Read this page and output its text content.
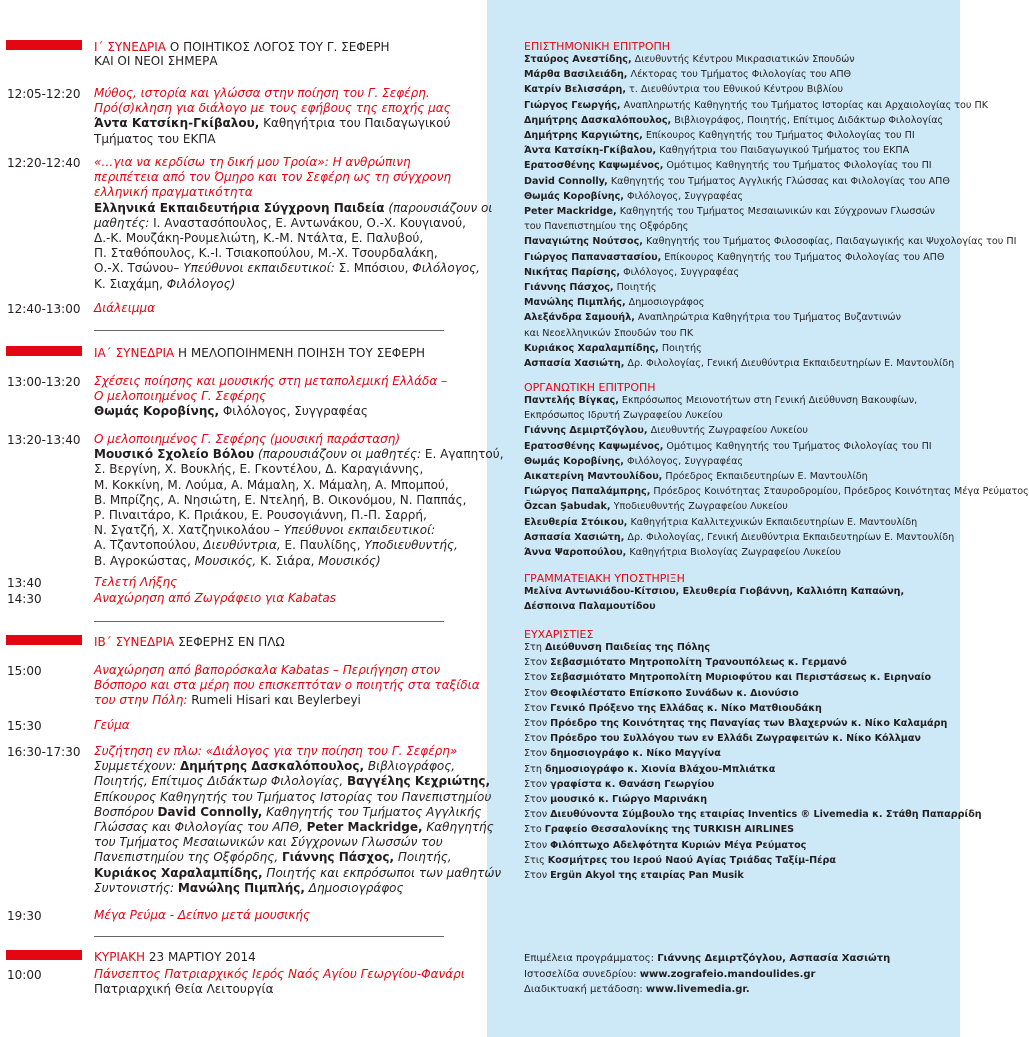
Ι΄ ΣΥΝΕΔΡΙΑ Ο ΠΟΙΗΤΙΚΟΣ ΛΟΓΟΣ ΤΟΥ Γ. ΣΕΦΕΡΗ
ΚΑΙ ΟΙ ΝΕΟΙ ΣΗΜΕΡΑ
ΙΑ΄ ΣΥΝΕΔΡΙΑ Η ΜΕΛΟΠΟΙΗΜΕΝΗ ΠΟΙΗΣΗ ΤΟΥ ΣΕΦΕΡΗ
ΙΒ΄ ΣΥΝΕΔΡΙΑ ΣΕΦΕΡΗΣ ΕΝ ΠΛΩ
ΚΥΡΙΑΚΗ 23 ΜΑΡΤΙΟΥ 2014
12:05-12:20 Μύθος, ιστορία και γλώσσα στην ποίηση του Γ. Σεφέρη.
Πρό(σ)κληση για διάλογο με τους εφήβους της εποχής μας
Άντα Κατσίκη-Γκίβαλου, Καθηγήτρια του Παιδαγωγικού
Τμήματος του ΕΚΠΑ
12:20-12:40 «…για να κερδίσω τη δική μου Τροία»: Η ανθρώπινη
περιπέτεια από τον Όμηρο και τον Σεφέρη ως τη σύγχρονη
ελληνική πραγματικότητα
Ελληνικά Εκπαιδευτήρια Σύγχρονη Παιδεία (παρουσιάζουν οι
μαθητές: Ι. Αναστασόπουλος, Ε. Αντωνάκου, Ο.-Χ. Κουγιανού,
Δ.-Κ. Μουζάκη-Ρουμελιώτη, Κ.-Μ. Ντάλτα, Ε. Παλυβού,
Π. Σταθόπουλος, Κ.-Ι. Τσιακοπούλου, Μ.-Χ. Τσουρδαλάκη,
Ο.-Χ. Τσώνου– Υπεύθυνοι εκπαιδευτικοί: Σ. Μπόσιου, Φιλόλογος,
Κ. Σιαχάμη, Φιλόλογος)
12:40-13:00 Διάλειμμα
13:00-13:20 Σχέσεις ποίησης και μουσικής στη μεταπολεμική Ελλάδα –
Ο μελοποιημένος Γ. Σεφέρης
Θωμάς Κοροβίνης, Φιλόλογος, Συγγραφέας
13:20-13:40 Ο μελοποιημένος Γ. Σεφέρης (μουσική παράσταση)
Μουσικό Σχολείο Βόλου (παρουσιάζουν οι μαθητές: Ε. Αγαπητού,
Σ. Βεργίνη, Χ. Βουκλής, Ε. Γκοντέλου, Δ. Καραγιάννης,
Μ. Κοκκίνη, Μ. Λούμα, Α. Μάμαλη, Χ. Μάμαλη, Α. Μπομπού,
Β. Μπρίζης, Α. Νησιώτη, Ε. Ντεληή, Β. Οικονόμου, Ν. Παππάς,
Ρ. Πιναιτάρο, Κ. Πριάκου, Ε. Ρουσογιάννη, Π.-Π. Σαρρή,
Ν. Σγατζή, Χ. Χατζηνικολάου – Υπεύθυνοι εκπαιδευτικοί:
Α. Τζαντοπούλου, Διευθύντρια, Ε. Παυλίδης, Υποδιευθυντής,
Β. Αγροκώστας, Μουσικός, Κ. Σιάρα, Μουσικός)
13:40	Τελετή Λήξης
14:30	Αναχώρηση από Ζωγράφειο για Kabatas
15:00	Αναχώρηση από βαπορόσκαλα Kabatas – Περιήγηση στον
Βόσπορο και στα μέρη που επισκεπτόταν ο ποιητής στα ταξίδια
του στην Πόλη: Rumeli Hisari και Beylerbeyi
15:30	Γεύμα
16:30-17:30 Συζήτηση εν πλω: «Διάλογος για την ποίηση του Γ. Σεφέρη»
Συμμετέχουν: Δημήτρης Δασκαλόπουλος, Βιβλιογράφος,
Ποιητής, Επίτιμος Διδάκτωρ Φιλολογίας, Βαγγέλης Κεχριώτης,
Επίκουρος Καθηγητής του Τμήματος Ιστορίας του Πανεπιστημίου
Βοσπόρου David Connolly, Καθηγητής του Τμήματος Αγγλικής
Γλώσσας και Φιλολογίας του ΑΠΘ, Peter Mackridge, Καθηγητής
του Τμήματος Μεσαιωνικών και Σύγχρονων Γλωσσών του
Πανεπιστημίου της Οξφόρδης, Γιάννης Πάσχος, Ποιητής,
Κυριάκος Χαραλαμπίδης, Ποιητής και εκπρόσωποι των μαθητών
Συντονιστής: Μανώλης Πιμπλής, Δημοσιογράφος
19:30	Μέγα Ρεύμα - Δείπνο μετά μουσικής
10:00	Πάνσεπτος Πατριαρχικός Ιερός Ναός Αγίου Γεωργίου-Φανάρι
Πατριαρχική Θεία Λειτουργία
ΕΠΙΣΤΗΜΟΝΙΚΗ ΕΠΙΤΡΟΠΗ
Σταύρος Ανεστίδης, Διευθυντής Κέντρου Μικρασιατικών Σπουδών
Μάρθα Βασιλειάδη, Λέκτορας του Τμήματος Φιλολογίας του ΑΠΘ
Κατρίν Βελισσάρη, τ. Διευθύντρια του Εθνικού Κέντρου Βιβλίου
Γιώργος Γεωργής, Αναπληρωτής Καθηγητής του Τμήματος Ιστορίας και Αρχαιολογίας του ΠΚ
Δημήτρης Δασκαλόπουλος, Βιβλιογράφος, Ποιητής, Επίτιμος Διδάκτωρ Φιλολογίας
Δημήτρης Καργιώτης, Επίκουρος Καθηγητής του Τμήματος Φιλολογίας του ΠΙ
Άντα Κατσίκη-Γκίβαλου, Καθηγήτρια του Παιδαγωγικού Τμήματος του ΕΚΠΑ
Ερατοσθένης Καψωμένος, Ομότιμος Καθηγητής του Τμήματος Φιλολογίας του ΠΙ
David Connolly, Καθηγητής του Τμήματος Αγγλικής Γλώσσας και Φιλολογίας του ΑΠΘ
Θωμάς Κοροβίνης, Φιλόλογος, Συγγραφέας
Peter Mackridge, Καθηγητής του Τμήματος Μεσαιωνικών και Σύγχρονων Γλωσσών
του Πανεπιστημίου της Οξφόρδης
Παναγιώτης Νούτσος, Καθηγητής του Τμήματος Φιλοσοφίας, Παιδαγωγικής και Ψυχολογίας του ΠΙ
Γιώργος Παπαναστασίου, Επίκουρος Καθηγητής του Τμήματος Φιλολογίας του ΑΠΘ
Νικήτας Παρίσης, Φιλόλογος, Συγγραφέας
Γιάννης Πάσχος, Ποιητής
Μανώλης Πιμπλής, Δημοσιογράφος
Αλεξάνδρα Σαμουήλ, Αναπληρώτρια Καθηγήτρια του Τμήματος Βυζαντινών
και Νεοελληνικών Σπουδών του ΠΚ
Κυριάκος Χαραλαμπίδης, Ποιητής
Ασπασία Χασιώτη, Δρ. Φιλολογίας, Γενική Διευθύντρια Εκπαιδευτηρίων Ε. Μαντουλίδη
ΟΡΓΑΝΩΤΙΚΗ ΕΠΙΤΡΟΠΗ
Παντελής Βίγκας, Εκπρόσωπος Μειονοτήτων στη Γενική Διεύθυνση Βακουφίων,
Εκπρόσωπος Ιδρυτή Ζωγραφείου Λυκείου
Γιάννης Δεμιρτζόγλου, Διευθυντής Ζωγραφείου Λυκείου
Ερατοσθένης Καψωμένος, Ομότιμος Καθηγητής του Τμήματος Φιλολογίας του ΠΙ
Θωμάς Κοροβίνης, Φιλόλογος, Συγγραφέας
Αικατερίνη Μαντουλίδου, Πρόεδρος Εκπαιδευτηρίων Ε. Μαντουλίδη
Γιώργος Παπαλάμπρης, Πρόεδρος Κοινότητας Σταυροδρομίου, Πρόεδρος Κοινότητας Μέγα Ρεύματος
Özcan Şabudak, Υποδιευθυντής Ζωγραφείου Λυκείου
Ελευθερία Στόικου, Καθηγήτρια Καλλιτεχνικών Εκπαιδευτηρίων Ε. Μαντουλίδη
Ασπασία Χασιώτη, Δρ. Φιλολογίας, Γενική Διευθύντρια Εκπαιδευτηρίων Ε. Μαντουλίδη
Άννα Ψαροπούλου, Καθηγήτρια Βιολογίας Ζωγραφείου Λυκείου
ΓΡΑΜΜΑΤΕΙΑΚΗ ΥΠΟΣΤΗΡΙΞΗ
Μελίνα Αντωνιάδου-Κίτσιου, Ελευθερία Γιοβάννη, Καλλιόπη Καπαώνη,
Δέσποινα Παλαμουτίδου
ΕΥΧΑΡΙΣΤΙΕΣ
Στη Διεύθυνση Παιδείας της Πόλης
Στον Σεβασμιότατο Μητροπολίτη Τρανουπόλεως κ. Γερμανό
Στον Σεβασμιότατο Μητροπολίτη Μυριοφύτου και Περιστάσεως κ. Ειρηναίο
Στον Θεοφιλέστατο Επίσκοπο Συνάδων κ. Διονύσιο
Στον Γενικό Πρόξενο της Ελλάδας κ. Νίκο Ματθιουδάκη
Στον Πρόεδρο της Κοινότητας της Παναγίας των Βλαχερνών κ. Νίκο Καλαμάρη
Στον Πρόεδρο του Συλλόγου των εν Ελλάδι Ζωγραφειτών κ. Νίκο Κόλλμαν
Στον δημοσιογράφο κ. Νίκο Μαγγίνα
Στη δημοσιογράφο κ. Χιονία Βλάχου-Μπλιάτκα
Στον γραφίστα κ. Θανάση Γεωργίου
Στον μουσικό κ. Γιώργο Μαρινάκη
Στον Διευθύνοντα Σύμβουλο της εταιρίας Inventics ® Livemedia κ. Στάθη Παπαρρίδη
Στο Γραφείο Θεσσαλονίκης της TURKISH AIRLINES
Στον Φιλόπτωχο Αδελφότητα Κυριών Μέγα Ρεύματος
Στις Κοσμήτρες του Ιερού Ναού Αγίας Τριάδας Ταξίμ-Πέρα
Στον Ergün Akyol της εταιρίας Pan Musik
Επιμέλεια προγράμματος: Γιάννης Δεμιρτζόγλου, Ασπασία Χασιώτη
Ιστοσελίδα συνεδρίου: www.zografeio.mandoulides.gr
Διαδικτυακή μετάδοση: www.livemedia.gr.
